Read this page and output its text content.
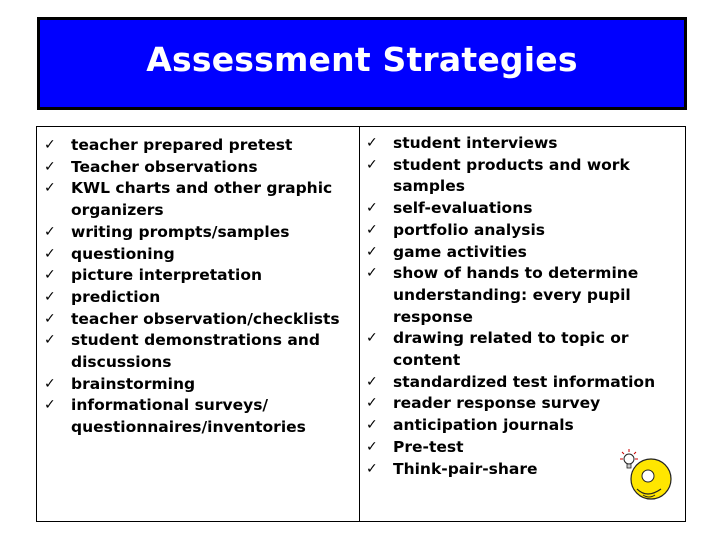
Assessment Strategies
✓ teacher prepared pretest
✓ Teacher observations
✓ KWL charts and other graphic organizers
✓ writing prompts/samples
✓ questioning
✓ picture interpretation
✓ prediction
✓ teacher observation/checklists
✓ student demonstrations and discussions
✓ brainstorming
✓ informational surveys/ questionnaires/inventories
✓ student interviews
✓ student products and work samples
✓ self-evaluations
✓ portfolio analysis
✓ game activities
✓ show of hands to determine understanding: every pupil response
✓ drawing related to topic or content
✓ standardized test information
✓ reader response survey
✓ anticipation journals
✓ Pre-test
✓ Think-pair-share
